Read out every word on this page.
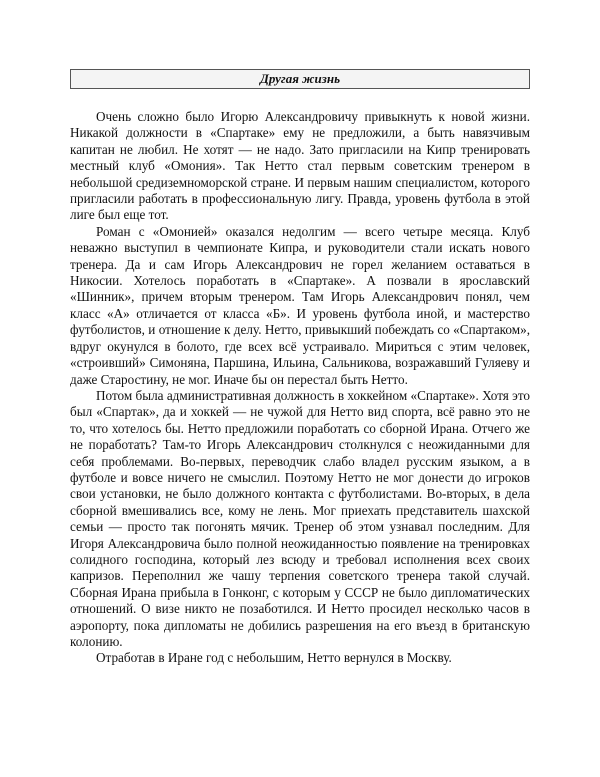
Другая жизнь

Очень сложно было Игорю Александровичу привыкнуть к новой жизни. Никакой должности в «Спартаке» ему не предложили, а быть навязчивым капитан не любил. Не хотят — не надо. Зато пригласили на Кипр тренировать местный клуб «Омония». Так Нетто стал первым советским тренером в небольшой средиземноморской стране. И первым нашим специалистом, которого пригласили работать в профессиональную лигу. Правда, уровень футбола в этой лиге был еще тот.

Роман с «Омонией» оказался недолгим — всего четыре месяца. Клуб неважно выступил в чемпионате Кипра, и руководители стали искать нового тренера. Да и сам Игорь Александрович не горел желанием оставаться в Никосии. Хотелось поработать в «Спартаке». А позвали в ярославский «Шинник», причем вторым тренером. Там Игорь Александрович понял, чем класс «А» отличается от класса «Б». И уровень футбола иной, и мастерство футболистов, и отношение к делу. Нетто, привыкший побеждать со «Спартаком», вдруг окунулся в болото, где всех всё устраивало. Мириться с этим человек, «строивший» Симоняна, Паршина, Ильина, Сальникова, возражавший Гуляеву и даже Старостину, не мог. Иначе бы он перестал быть Нетто.

Потом была административная должность в хоккейном «Спартаке». Хотя это был «Спартак», да и хоккей — не чужой для Нетто вид спорта, всё равно это не то, что хотелось бы. Нетто предложили поработать со сборной Ирана. Отчего же не поработать? Там-то Игорь Александрович столкнулся с неожиданными для себя проблемами. Во-первых, переводчик слабо владел русским языком, а в футболе и вовсе ничего не смыслил. Поэтому Нетто не мог донести до игроков свои установки, не было должного контакта с футболистами. Во-вторых, в дела сборной вмешивались все, кому не лень. Мог приехать представитель шахской семьи — просто так погонять мячик. Тренер об этом узнавал последним. Для Игоря Александровича было полной неожиданностью появление на тренировках солидного господина, который лез всюду и требовал исполнения всех своих капризов. Переполнил же чашу терпения советского тренера такой случай. Сборная Ирана прибыла в Гонконг, с которым у СССР не было дипломатических отношений. О визе никто не позаботился. И Нетто просидел несколько часов в аэропорту, пока дипломаты не добились разрешения на его въезд в британскую колонию.

Отработав в Иране год с небольшим, Нетто вернулся в Москву.
